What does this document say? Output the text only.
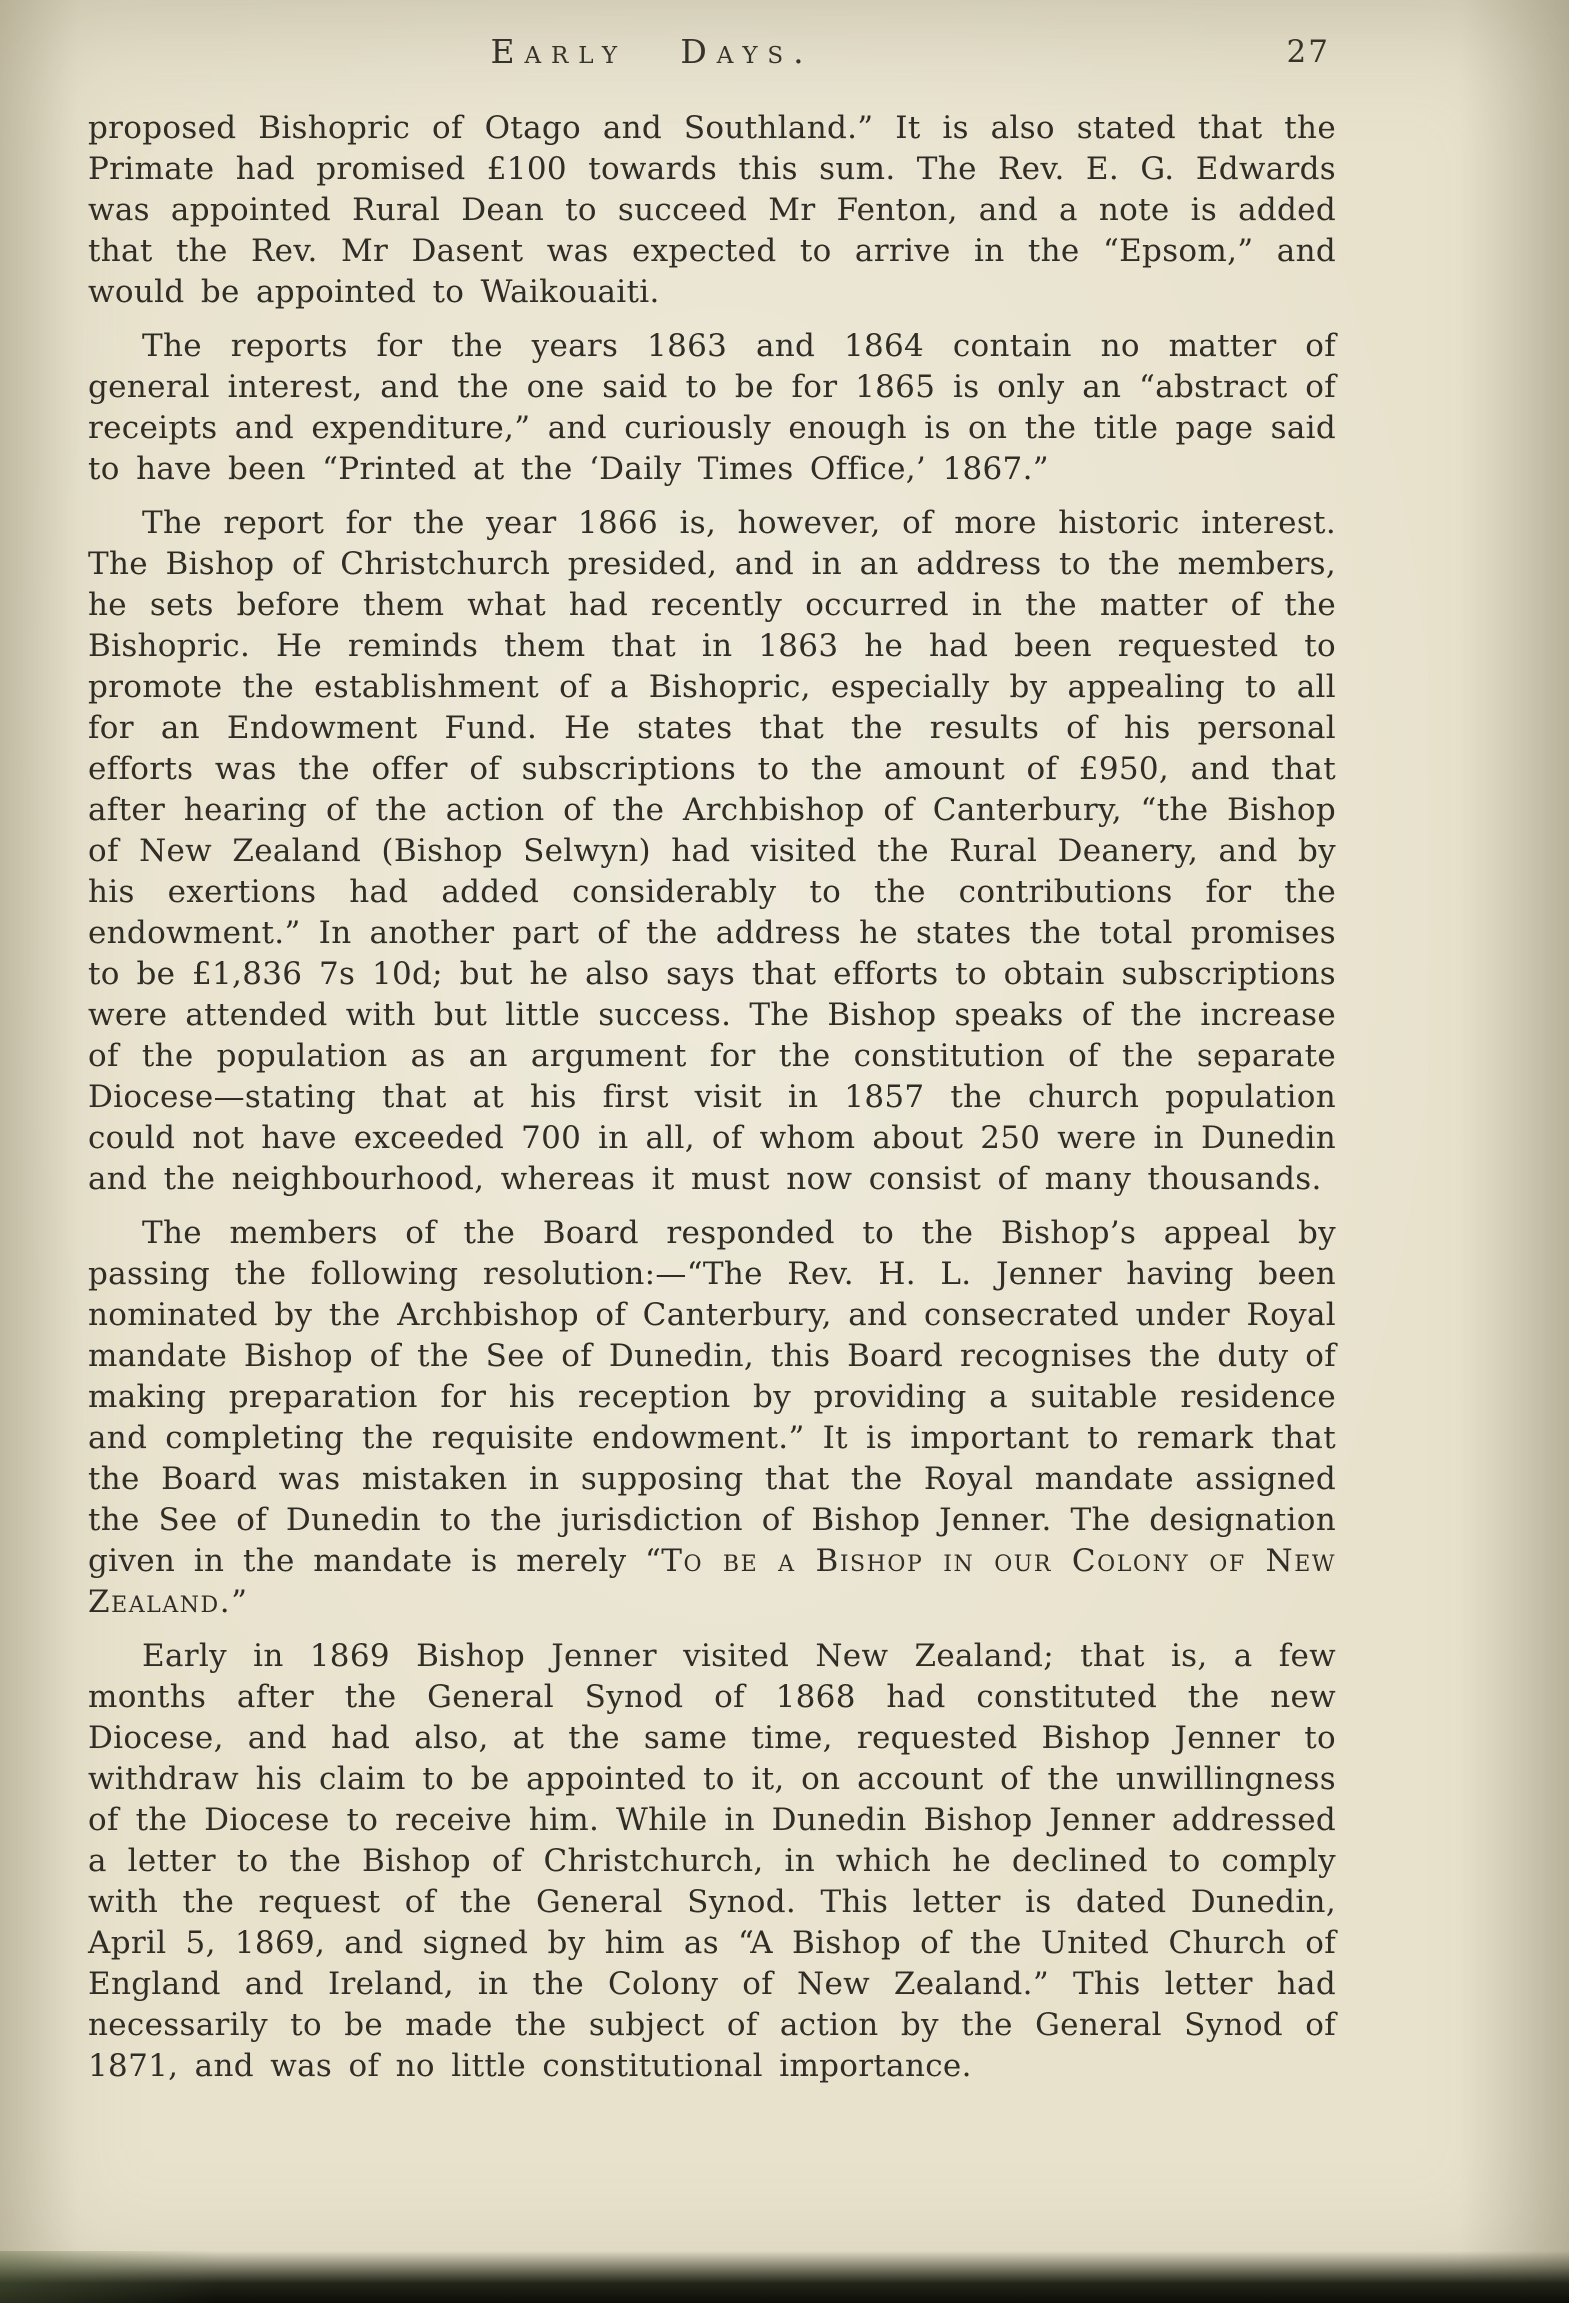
Early Days.	27

proposed Bishopric of Otago and Southland.” It is also stated that the Primate had promised £100 towards this sum. The Rev. E. G. Edwards was appointed Rural Dean to succeed Mr Fenton, and a note is added that the Rev. Mr Dasent was expected to arrive in the “Epsom,” and would be appointed to Waikouaiti.

The reports for the years 1863 and 1864 contain no matter of general interest, and the one said to be for 1865 is only an “abstract of receipts and expenditure,” and curiously enough is on the title page said to have been “Printed at the ‘Daily Times Office,’ 1867.”

The report for the year 1866 is, however, of more historic interest. The Bishop of Christchurch presided, and in an address to the members, he sets before them what had recently occurred in the matter of the Bishopric. He reminds them that in 1863 he had been requested to promote the establishment of a Bishopric, especially by appealing to all for an Endowment Fund. He states that the results of his personal efforts was the offer of subscriptions to the amount of £950, and that after hearing of the action of the Archbishop of Canterbury, “the Bishop of New Zealand (Bishop Selwyn) had visited the Rural Deanery, and by his exertions had added considerably to the contributions for the endowment.” In another part of the address he states the total promises to be £1,836 7s 10d; but he also says that efforts to obtain subscriptions were attended with but little success. The Bishop speaks of the increase of the population as an argument for the constitution of the separate Diocese—stating that at his first visit in 1857 the church population could not have exceeded 700 in all, of whom about 250 were in Dunedin and the neighbourhood, whereas it must now consist of many thousands.

The members of the Board responded to the Bishop’s appeal by passing the following resolution:—“The Rev. H. L. Jenner having been nominated by the Archbishop of Canterbury, and consecrated under Royal mandate Bishop of the See of Dunedin, this Board recognises the duty of making preparation for his reception by providing a suitable residence and completing the requisite endowment.” It is important to remark that the Board was mistaken in supposing that the Royal mandate assigned the See of Dunedin to the jurisdiction of Bishop Jenner. The designation given in the mandate is merely “To be a Bishop in our Colony of New Zealand.”

Early in 1869 Bishop Jenner visited New Zealand; that is, a few months after the General Synod of 1868 had constituted the new Diocese, and had also, at the same time, requested Bishop Jenner to withdraw his claim to be appointed to it, on account of the unwillingness of the Diocese to receive him. While in Dunedin Bishop Jenner addressed a letter to the Bishop of Christchurch, in which he declined to comply with the request of the General Synod. This letter is dated Dunedin, April 5, 1869, and signed by him as “A Bishop of the United Church of England and Ireland, in the Colony of New Zealand.” This letter had necessarily to be made the subject of action by the General Synod of 1871, and was of no little constitutional importance.
